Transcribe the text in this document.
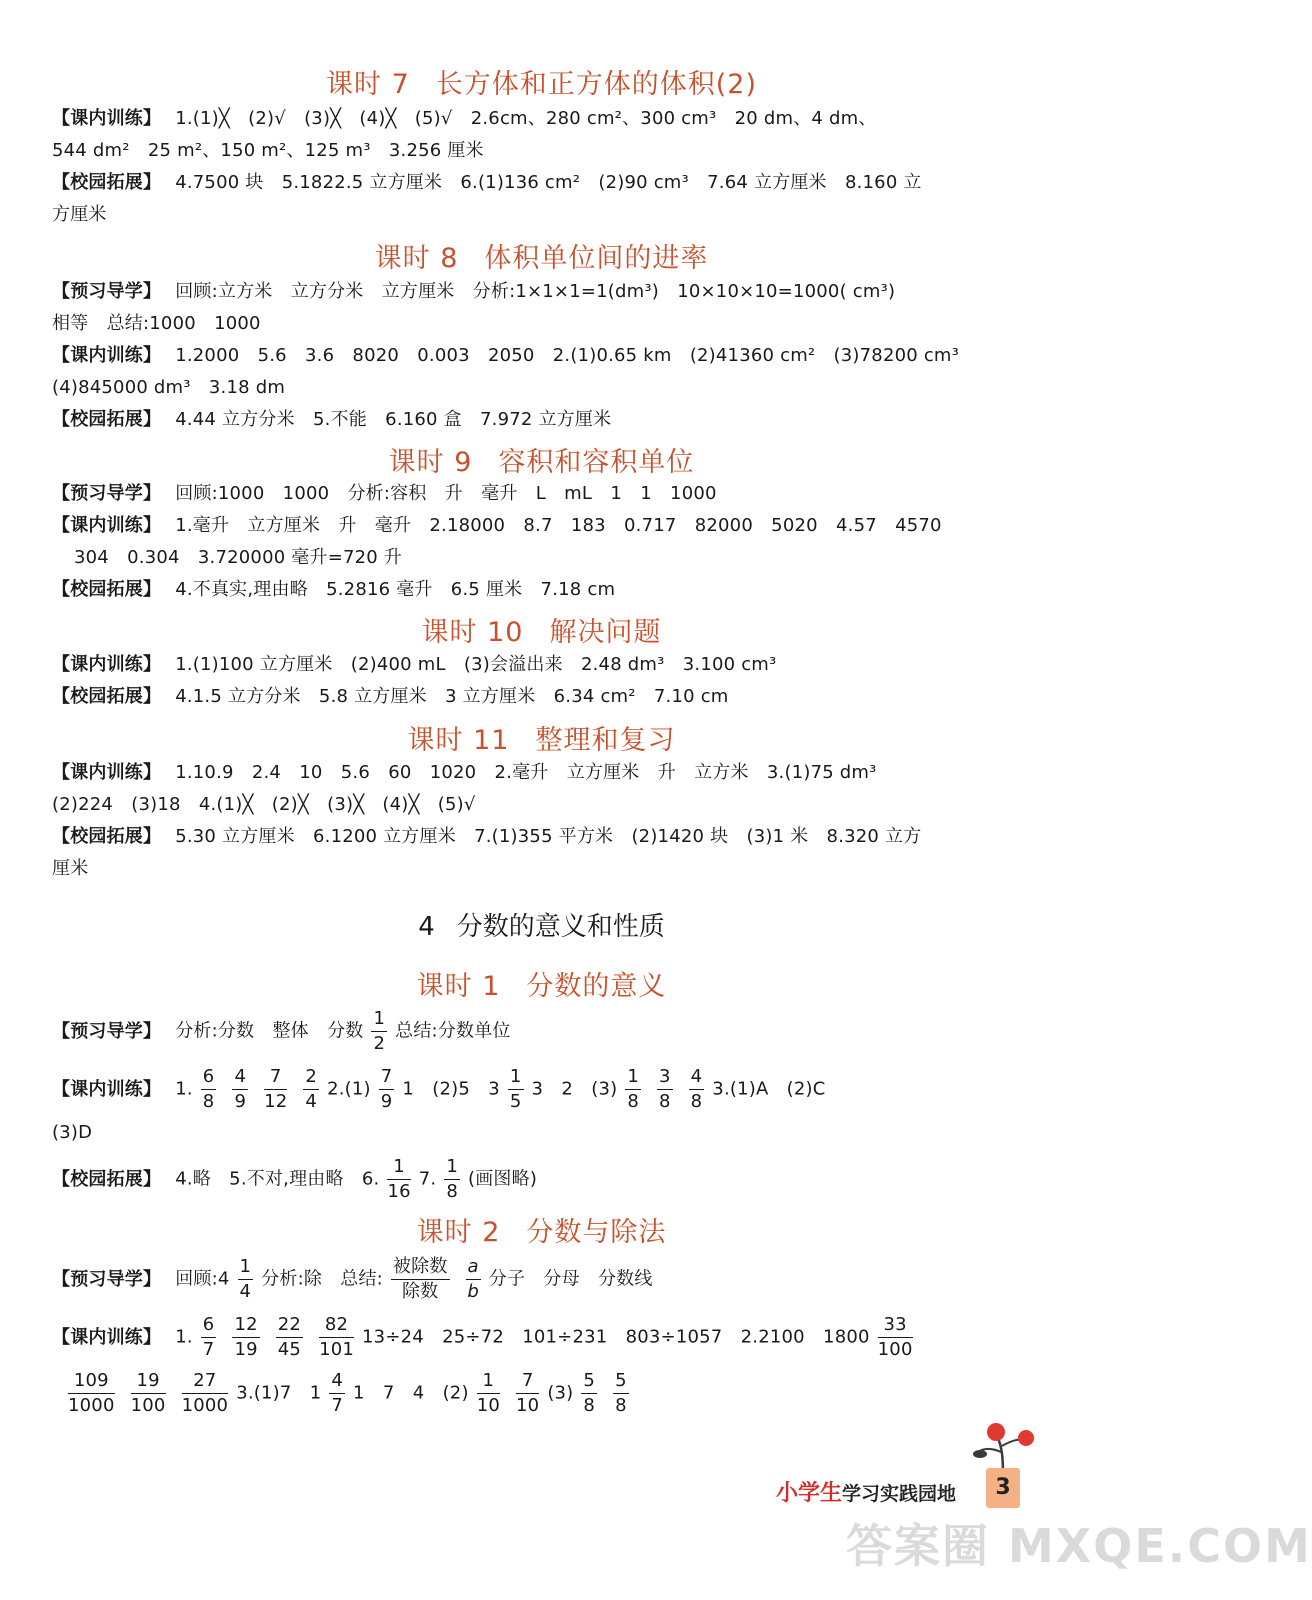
课时 7 长方体和正方体的体积(2)
【课内训练】 1.(1)╳　(2)√　(3)╳　(4)╳　(5)√　2.6cm、280 cm²、300 cm³　20 dm、4 dm、
544 dm²　25 m²、150 m²、125 m³　3.256 厘米
【校园拓展】 4.7500 块　5.1822.5 立方厘米　6.(1)136 cm²　(2)90 cm³　7.64 立方厘米　8.160 立
方厘米
课时 8 体积单位间的进率
【预习导学】 回顾:立方米　立方分米　立方厘米　分析:1×1×1=1(dm³)　10×10×10=1000( cm³)
相等　总结:1000　1000
【课内训练】 1.2000　5.6　3.6　8020　0.003　2050　2.(1)0.65 km　(2)41360 cm²　(3)78200 cm³
(4)845000 dm³　3.18 dm
【校园拓展】 4.44 立方分米　5.不能　6.160 盒　7.972 立方厘米
课时 9 容积和容积单位
【预习导学】 回顾:1000　1000　分析:容积　升　毫升　L　mL　1　1　1000
【课内训练】 1.毫升　立方厘米　升　毫升　2.18000　8.7　183　0.717　82000　5020　4.57　4570
304　0.304　3.720000 毫升=720 升
【校园拓展】 4.不真实,理由略　5.2816 毫升　6.5 厘米　7.18 cm
课时 10 解决问题
【课内训练】 1.(1)100 立方厘米　(2)400 mL　(3)会溢出来　2.48 dm³　3.100 cm³
【校园拓展】 4.1.5 立方分米　5.8 立方厘米　3 立方厘米　6.34 cm²　7.10 cm
课时 11 整理和复习
【课内训练】 1.10.9　2.4　10　5.6　60　1020　2.毫升　立方厘米　升　立方米　3.(1)75 dm³
(2)224　(3)18　4.(1)╳　(2)╳　(3)╳　(4)╳　(5)√
【校园拓展】 5.30 立方厘米　6.1200 立方厘米　7.(1)355 平方米　(2)1420 块　(3)1 米　8.320 立方
厘米
4 分数的意义和性质
课时 1 分数的意义
【预习导学】 分析:分数　整体　分数 $\frac{1}{2}$ 总结:分数单位
【课内训练】 1. $\frac{6}{8} \frac{4}{9} \frac{7}{12} \frac{2}{4} 2.(1) \frac{7}{9} 1$　(2)5　$3 \frac{1}{5} 3$　2　$(3) \frac{1}{8} \frac{3}{8} \frac{4}{8} 3.(1)A$　(2)C
(3)D
【校园拓展】 4.略　5.不对,理由略　6. $\frac{1}{16} 7$. $\frac{1}{8}$ (画图略)
课时 2 分数与除法
【预习导学】 回顾:4 $\frac{1}{4}$ 分析:除　总结: $\frac{\text{被除数}}{\text{除数}} \frac{a}{b}$ 分子　分母　分数线
【课内训练】 1. $\frac{6}{7} \frac{12}{19} \frac{22}{45} \frac{82}{101} 13\div 24$　25÷72　101÷231　803÷1057　2.2100　$1800 \frac{33}{100}$
$\frac{109}{1000} \frac{19}{100} \frac{27}{1000} 3.(1)7$　$1 \frac{4}{7} 1$　7　4　$(2) \frac{1}{10} \frac{7}{10} (3) \frac{5}{8} \frac{5}{8}$
小学生学习实践园地	3
答案圈 MXQE.COM
